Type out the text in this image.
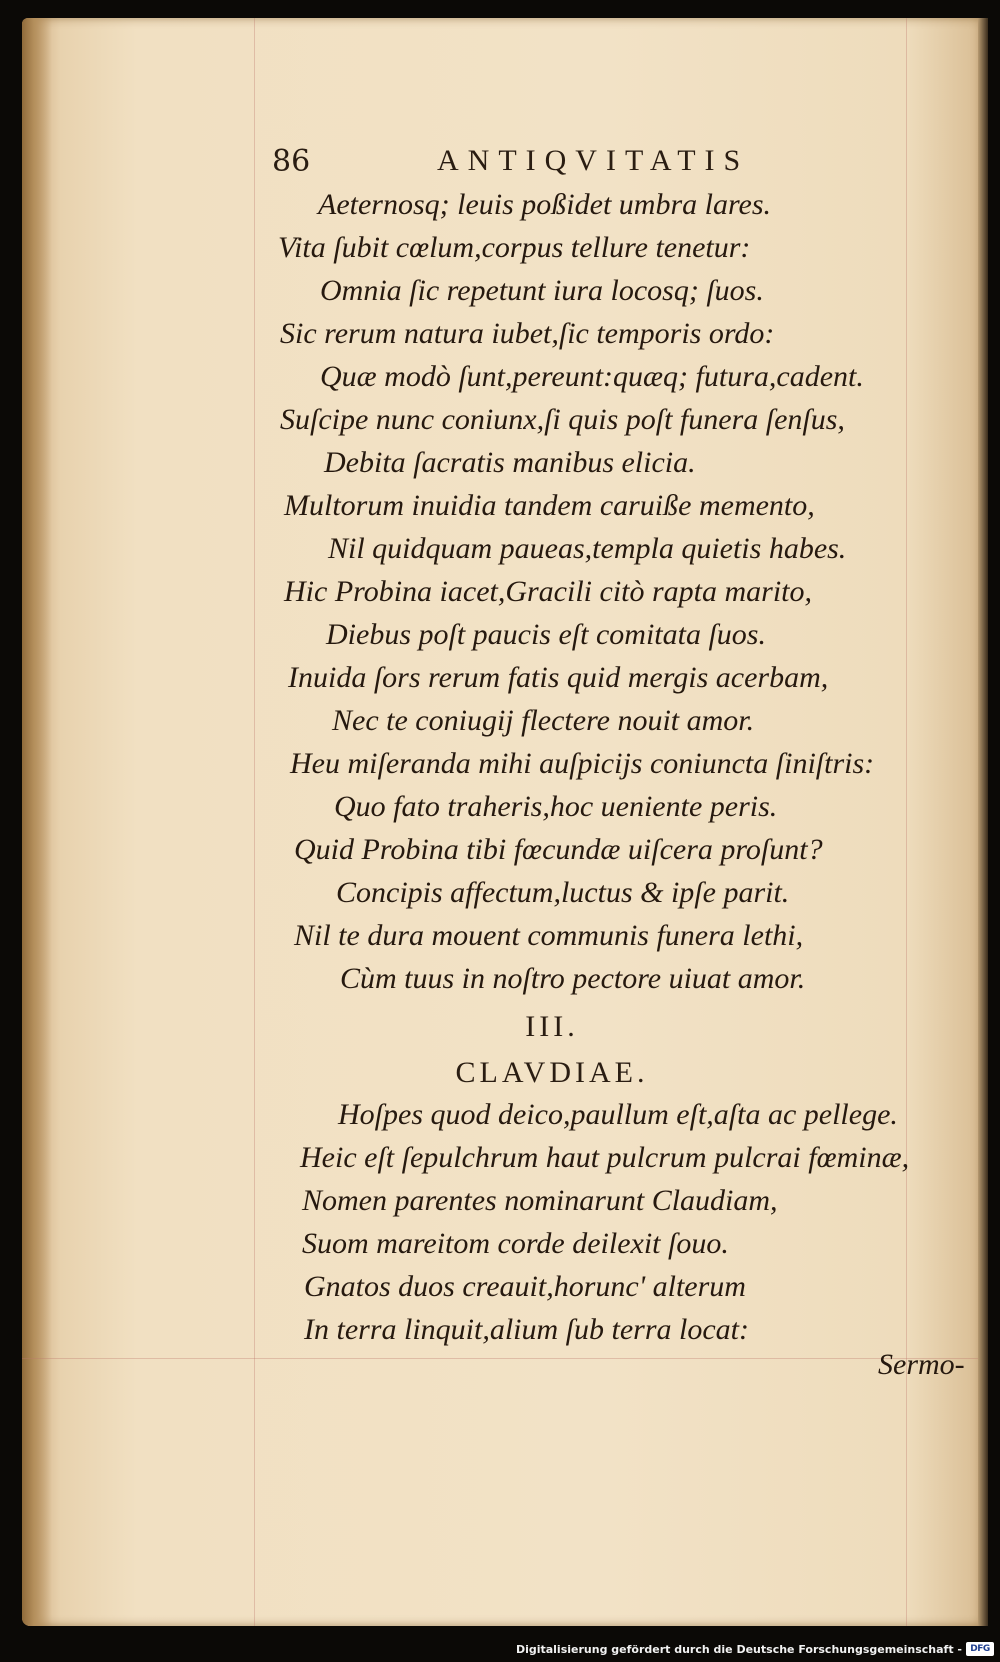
86	ANTIQVITATIS
Aeternosq; leuis poßidet umbra lares.
Vita ſubit cœlum,corpus tellure tenetur:
Omnia ſic repetunt iura locosq; ſuos.
Sic rerum natura iubet,ſic temporis ordo:
Quæ modò ſunt,pereunt:quæq; futura,cadent.
Suſcipe nunc coniunx,ſi quis poſt funera ſenſus,
Debita ſacratis manibus elicia.
Multorum inuidia tandem caruiße memento,
Nil quidquam paueas,templa quietis habes.
Hic Probina iacet,Gracili citò rapta marito,
Diebus poſt paucis eſt comitata ſuos.
Inuida ſors rerum fatis quid mergis acerbam,
Nec te coniugij flectere nouit amor.
Heu miſeranda mihi auſpicijs coniuncta ſiniſtris:
Quo fato traheris,hoc ueniente peris.
Quid Probina tibi fœcundæ uiſcera proſunt?
Concipis affectum,luctus & ipſe parit.
Nil te dura mouent communis funera lethi,
Cùm tuus in noſtro pectore uiuat amor.
III.
CLAVDIAE.
Hoſpes quod deico,paullum eſt,aſta ac pellege.
Heic eſt ſepulchrum haut pulcrum pulcrai fœminæ,
Nomen parentes nominarunt Claudiam,
Suom mareitom corde deilexit ſouo.
Gnatos duos creauit,horunc' alterum
In terra linquit,alium ſub terra locat:
Sermo-
Digitalisierung gefördert durch die Deutsche Forschungsgemeinschaft - DFG
